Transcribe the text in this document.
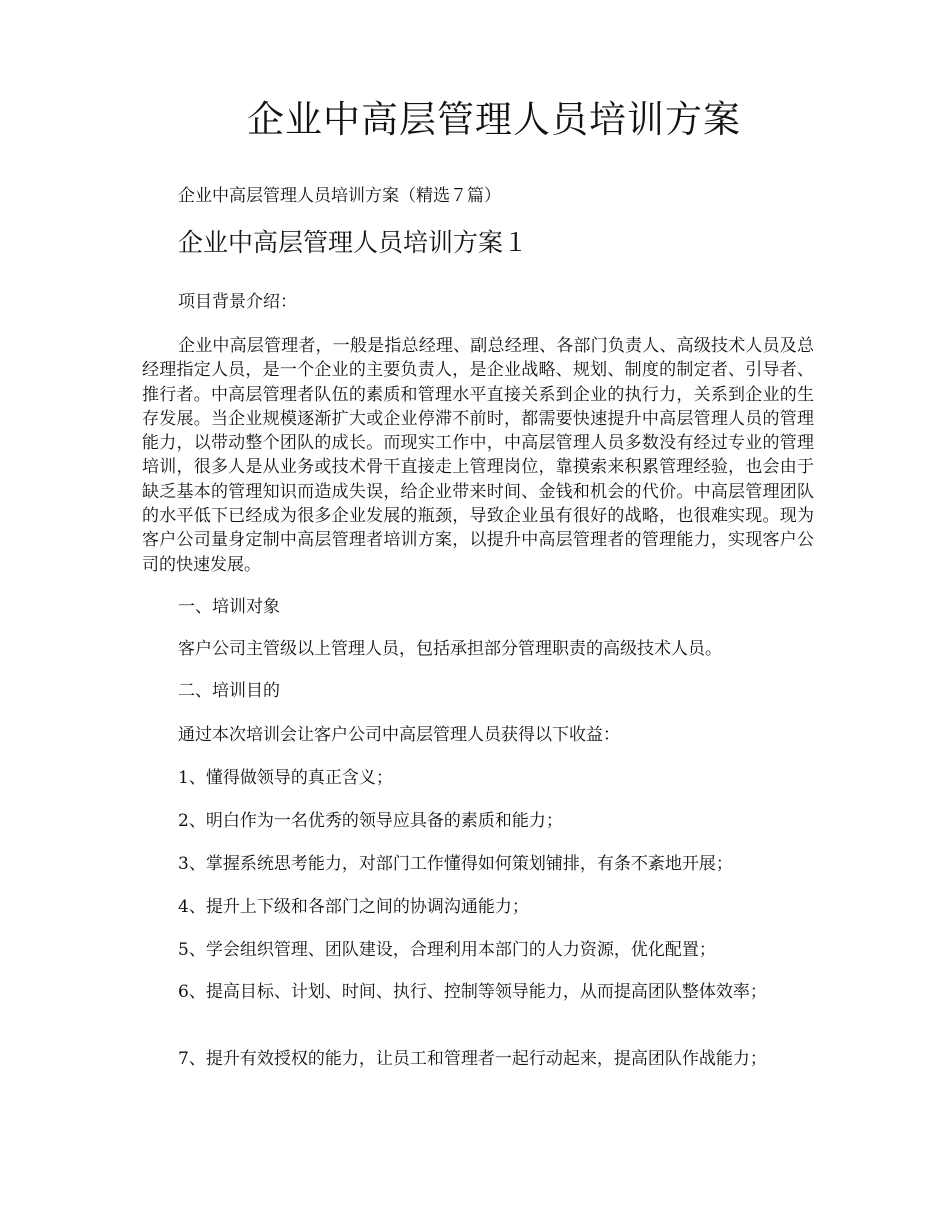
企业中高层管理人员培训方案

企业中高层管理人员培训方案（精选７篇）

企业中高层管理人员培训方案１

项目背景介绍：

企业中高层管理者，一般是指总经理、副总经理、各部门负责人、高级技术人员及总经理指定人员，是一个企业的主要负责人，是企业战略、规划、制度的制定者、引导者、推行者。中高层管理者队伍的素质和管理水平直接关系到企业的执行力，关系到企业的生存发展。当企业规模逐渐扩大或企业停滞不前时，都需要快速提升中高层管理人员的管理能力，以带动整个团队的成长。而现实工作中，中高层管理人员多数没有经过专业的管理培训，很多人是从业务或技术骨干直接走上管理岗位，靠摸索来积累管理经验，也会由于缺乏基本的管理知识而造成失误，给企业带来时间、金钱和机会的代价。中高层管理团队的水平低下已经成为很多企业发展的瓶颈，导致企业虽有很好的战略，也很难实现。现为客户公司量身定制中高层管理者培训方案，以提升中高层管理者的管理能力，实现客户公司的快速发展。

一、培训对象

客户公司主管级以上管理人员，包括承担部分管理职责的高级技术人员。

二、培训目的

通过本次培训会让客户公司中高层管理人员获得以下收益：

1、懂得做领导的真正含义；

2、明白作为一名优秀的领导应具备的素质和能力；

3、掌握系统思考能力，对部门工作懂得如何策划铺排，有条不紊地开展；

4、提升上下级和各部门之间的协调沟通能力；

5、学会组织管理、团队建设，合理利用本部门的人力资源，优化配置；

6、提高目标、计划、时间、执行、控制等领导能力，从而提高团队整体效率；

7、提升有效授权的能力，让员工和管理者一起行动起来，提高团队作战能力；
